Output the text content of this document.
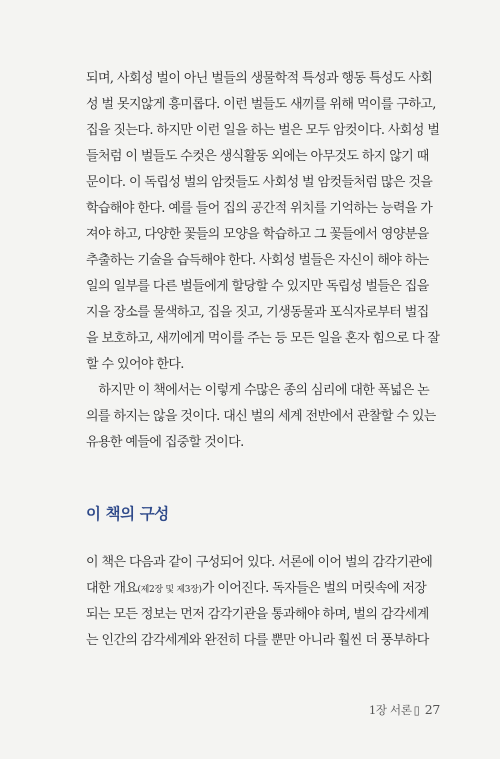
되며, 사회성 벌이 아닌 벌들의 생물학적 특성과 행동 특성도 사회
성 벌 못지않게 흥미롭다. 이런 벌들도 새끼를 위해 먹이를 구하고,
집을 짓는다. 하지만 이런 일을 하는 벌은 모두 암컷이다. 사회성 벌
들처럼 이 벌들도 수컷은 생식활동 외에는 아무것도 하지 않기 때
문이다. 이 독립성 벌의 암컷들도 사회성 벌 암컷들처럼 많은 것을
학습해야 한다. 예를 들어 집의 공간적 위치를 기억하는 능력을 가
져야 하고, 다양한 꽃들의 모양을 학습하고 그 꽃들에서 영양분을
추출하는 기술을 습득해야 한다. 사회성 벌들은 자신이 해야 하는
일의 일부를 다른 벌들에게 할당할 수 있지만 독립성 벌들은 집을
지을 장소를 물색하고, 집을 짓고, 기생동물과 포식자로부터 벌집
을 보호하고, 새끼에게 먹이를 주는 등 모든 일을 혼자 힘으로 다 잘
할 수 있어야 한다.
　하지만 이 책에서는 이렇게 수많은 종의 심리에 대한 폭넓은 논
의를 하지는 않을 것이다. 대신 벌의 세계 전반에서 관찰할 수 있는
유용한 예들에 집중할 것이다.
이 책의 구성
이 책은 다음과 같이 구성되어 있다. 서론에 이어 벌의 감각기관에
대한 개요(제2장 및 제3장)가 이어진다. 독자들은 벌의 머릿속에 저장
되는 모든 정보는 먼저 감각기관을 통과해야 하며, 벌의 감각세계
는 인간의 감각세계와 완전히 다를 뿐만 아니라 훨씬 더 풍부하다
1장 서론 ▯ 27
